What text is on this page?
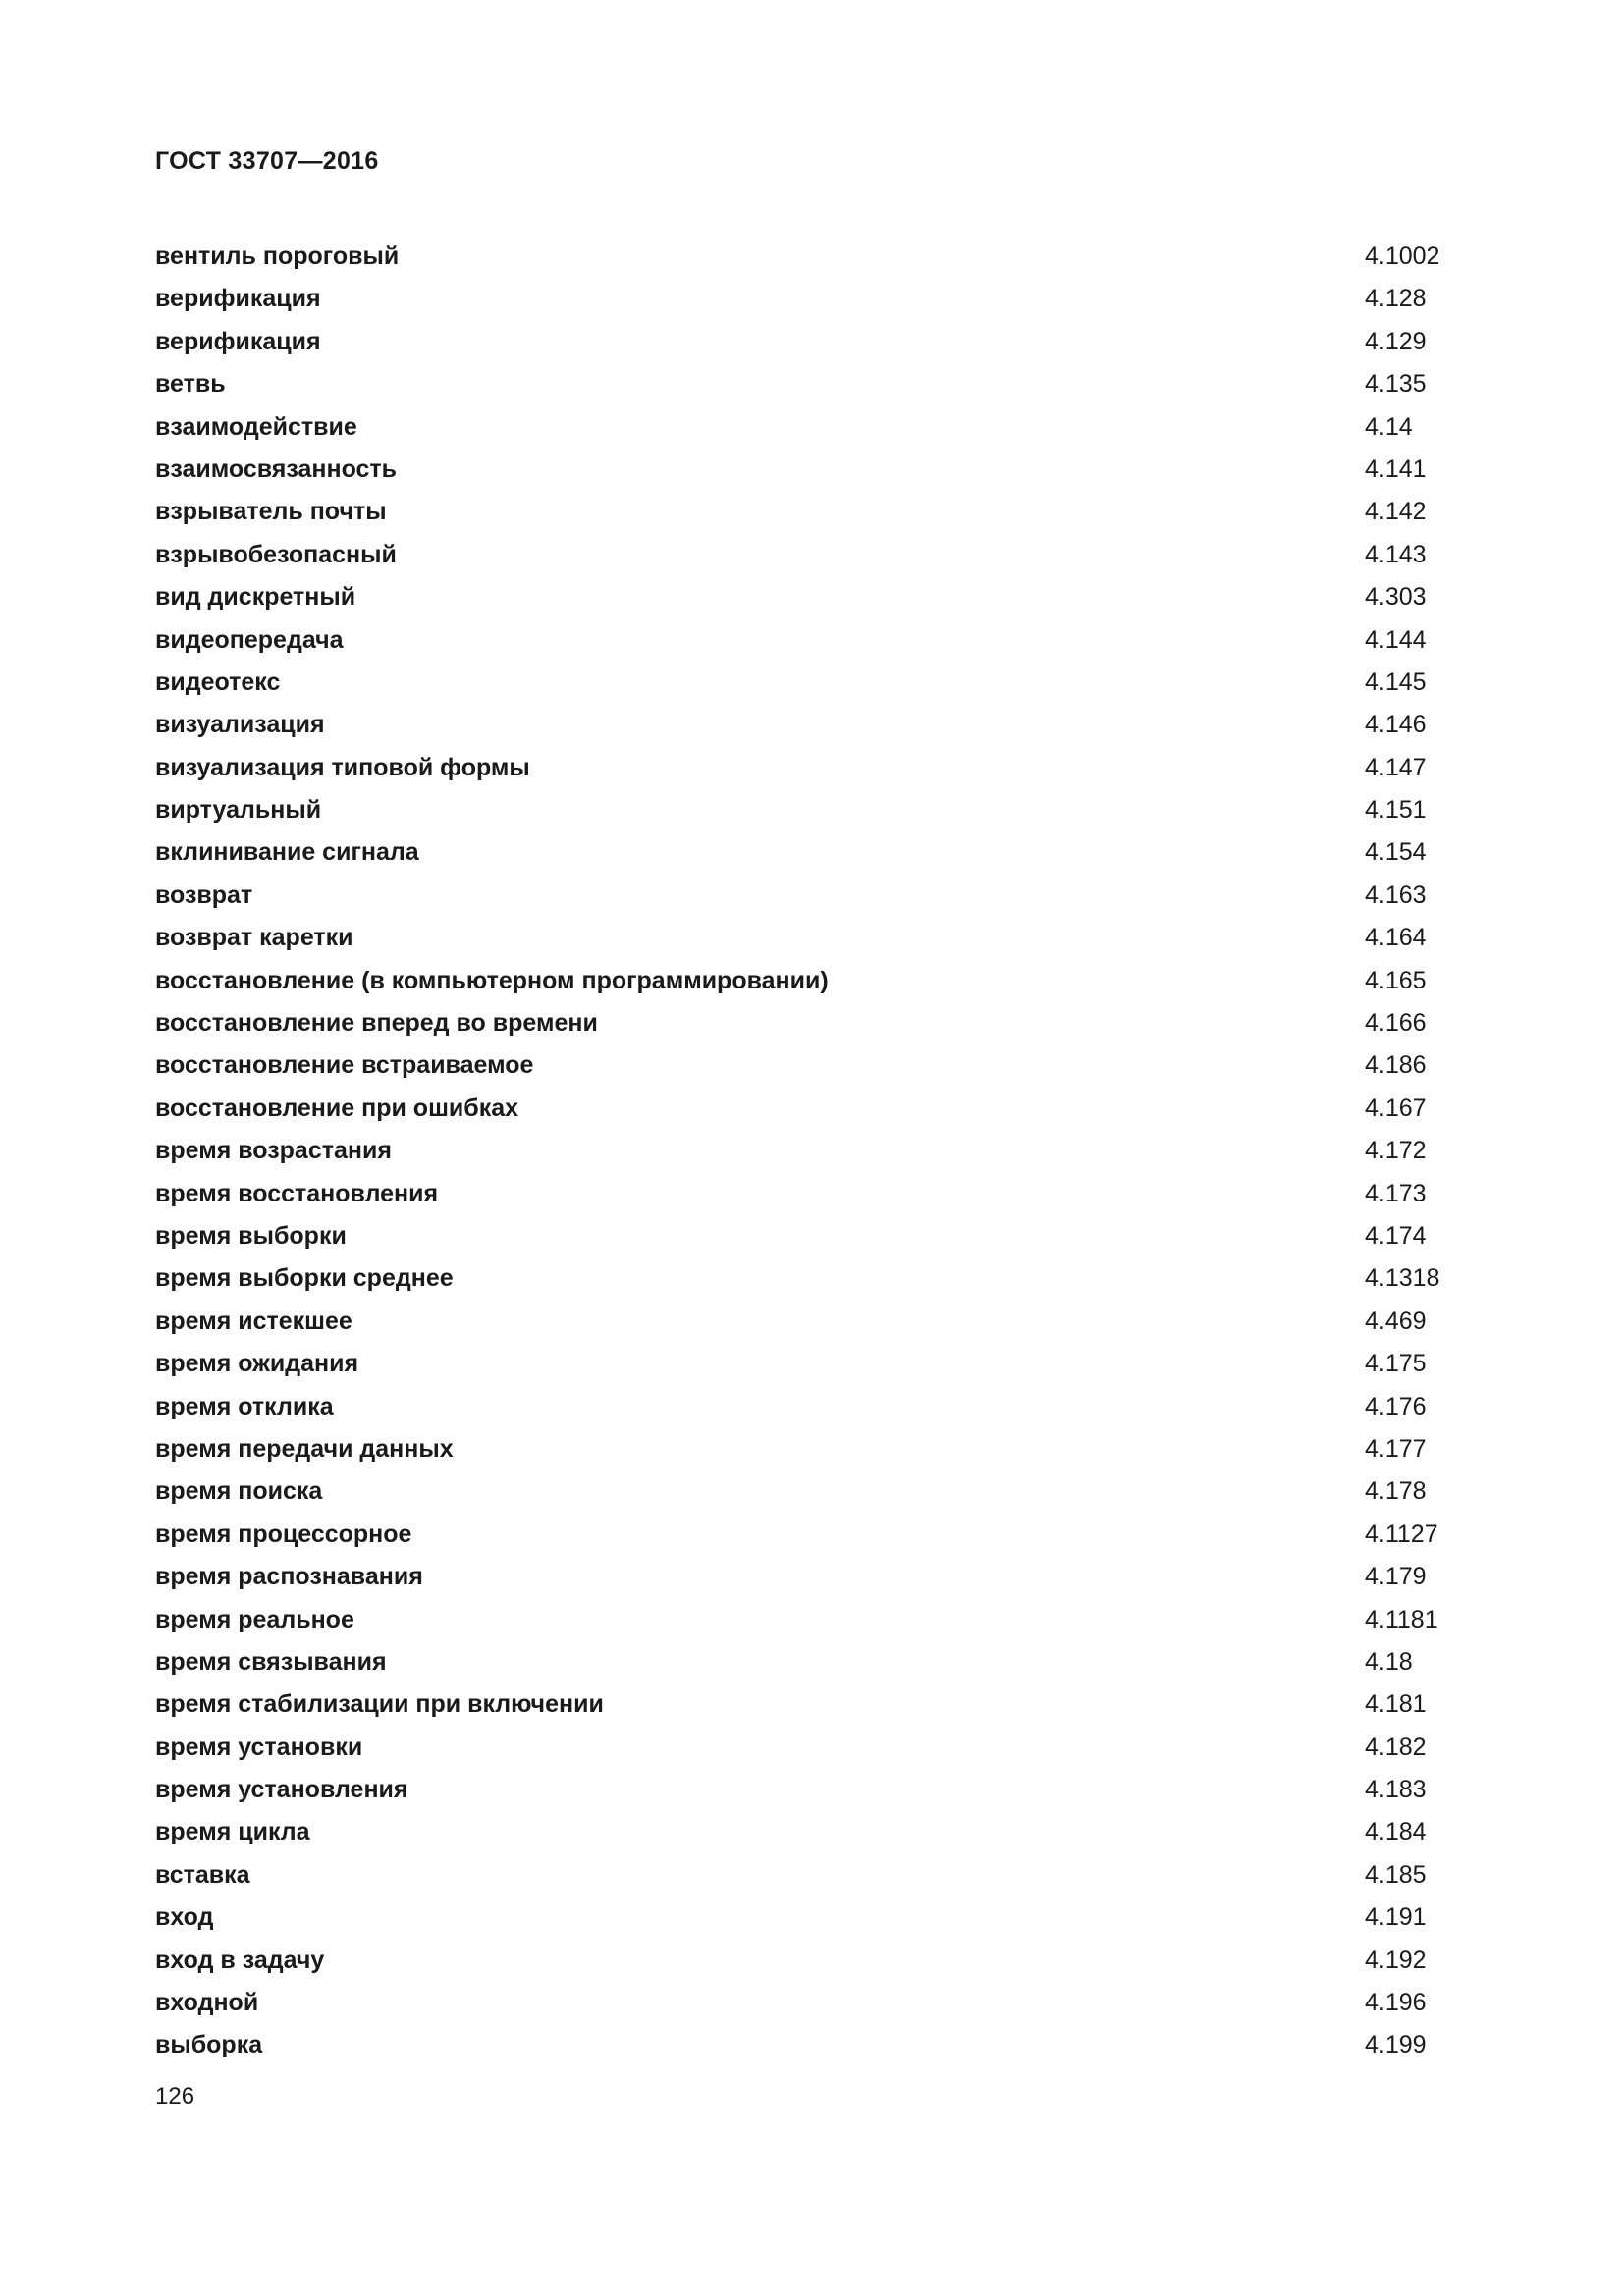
ГОСТ 33707—2016
вентиль пороговый	4.1002
верификация	4.128
верификация	4.129
ветвь	4.135
взаимодействие	4.14
взаимосвязанность	4.141
взрыватель почты	4.142
взрывобезопасный	4.143
вид дискретный	4.303
видеопередача	4.144
видеотекс	4.145
визуализация	4.146
визуализация типовой формы	4.147
виртуальный	4.151
вклинивание сигнала	4.154
возврат	4.163
возврат каретки	4.164
восстановление (в компьютерном программировании)	4.165
восстановление вперед во времени	4.166
восстановление встраиваемое	4.186
восстановление при ошибках	4.167
время возрастания	4.172
время восстановления	4.173
время выборки	4.174
время выборки среднее	4.1318
время истекшее	4.469
время ожидания	4.175
время отклика	4.176
время передачи данных	4.177
время поиска	4.178
время процессорное	4.1127
время распознавания	4.179
время реальное	4.1181
время связывания	4.18
время стабилизации при включении	4.181
время установки	4.182
время установления	4.183
время цикла	4.184
вставка	4.185
вход	4.191
вход в задачу	4.192
входной	4.196
выборка	4.199
126
